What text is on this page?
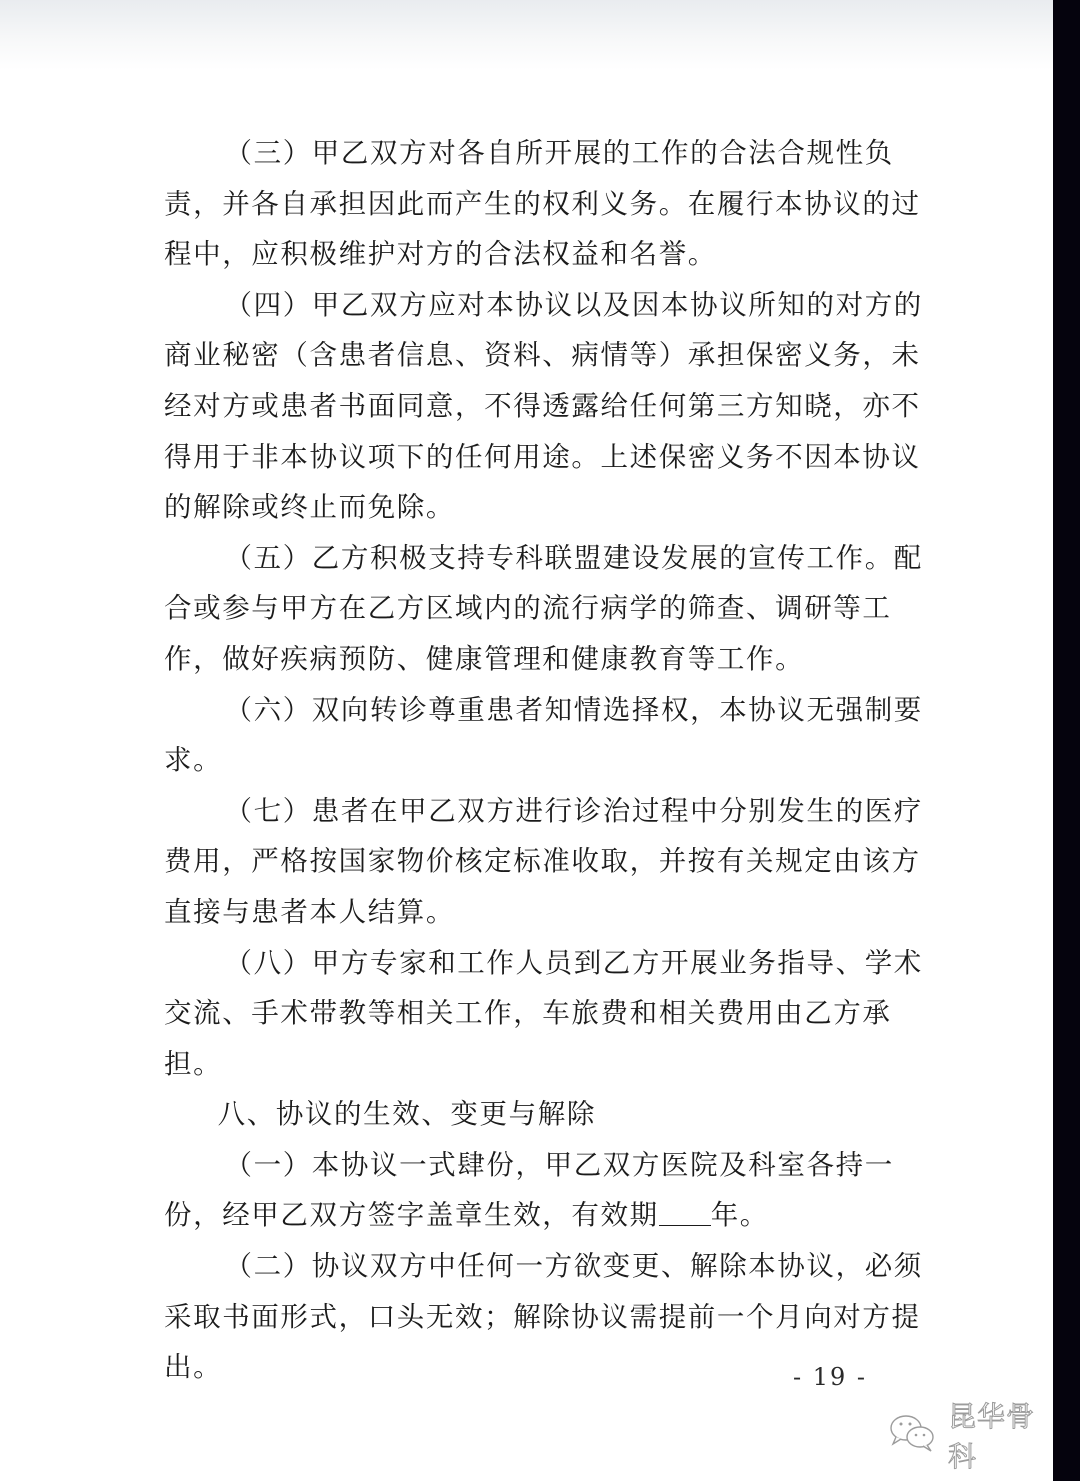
（三）甲乙双方对各自所开展的工作的合法合规性负责，并各自承担因此而产生的权利义务。在履行本协议的过程中，应积极维护对方的合法权益和名誉。

（四）甲乙双方应对本协议以及因本协议所知的对方的商业秘密（含患者信息、资料、病情等）承担保密义务，未经对方或患者书面同意，不得透露给任何第三方知晓，亦不得用于非本协议项下的任何用途。上述保密义务不因本协议的解除或终止而免除。

（五）乙方积极支持专科联盟建设发展的宣传工作。配合或参与甲方在乙方区域内的流行病学的筛查、调研等工作，做好疾病预防、健康管理和健康教育等工作。

（六）双向转诊尊重患者知情选择权，本协议无强制要求。

（七）患者在甲乙双方进行诊治过程中分别发生的医疗费用，严格按国家物价核定标准收取，并按有关规定由该方直接与患者本人结算。

（八）甲方专家和工作人员到乙方开展业务指导、学术交流、手术带教等相关工作，车旅费和相关费用由乙方承担。

八、协议的生效、变更与解除

（一）本协议一式肆份，甲乙双方医院及科室各持一份，经甲乙双方签字盖章生效，有效期 年。

（二）协议双方中任何一方欲变更、解除本协议，必须采取书面形式，口头无效；解除协议需提前一个月向对方提出。	- 19 -
昆华骨科
